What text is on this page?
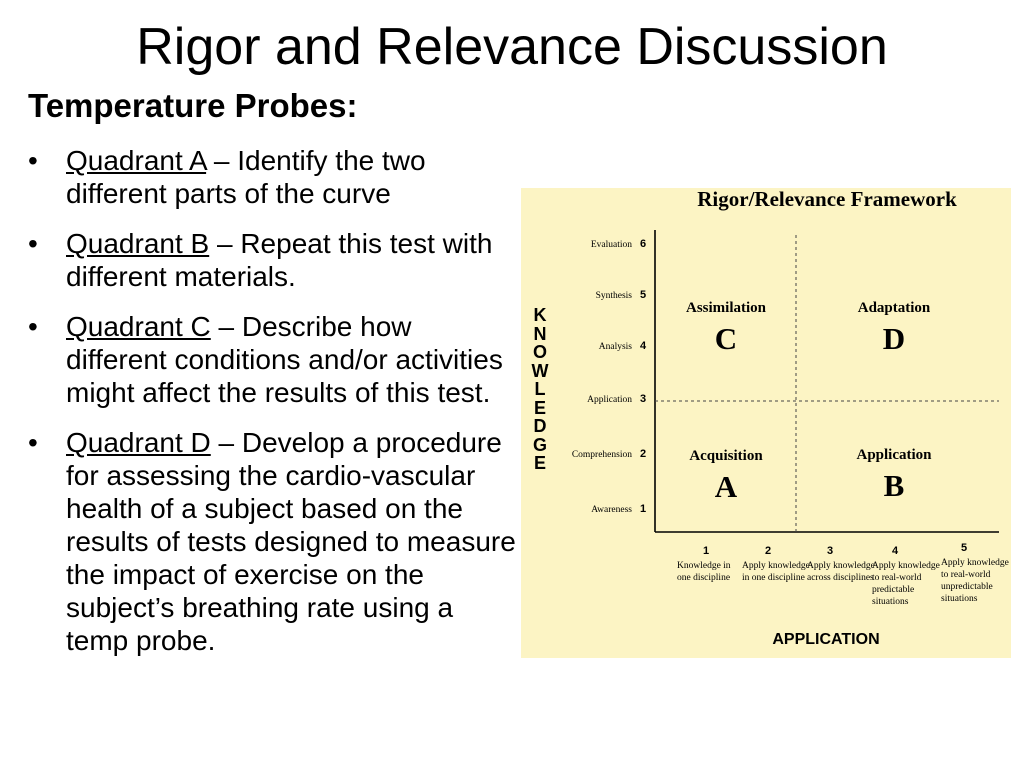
Rigor and Relevance Discussion
Temperature Probes:
• Quadrant A – Identify the two different parts of the curve
• Quadrant B – Repeat this test with different materials.
• Quadrant C – Describe how different conditions and/or activities might affect the results of this test.
• Quadrant D – Develop a procedure for assessing the cardio-vascular health of a subject based on the results of tests designed to measure the impact of exercise on the subject’s breathing rate using a temp probe.
Rigor/Relevance Framework
K
N
O
W
L
E
D
G
E
Evaluation 6
Synthesis 5
Analysis 4
Application 3
Comprehension 2
Awareness 1
Assimilation
C
Adaptation
D
Acquisition
A
Application
B
1
Knowledge in one discipline
2
Apply knowledge in one discipline
3
Apply knowledge across disciplines
4
Apply knowledge to real-world predictable situations
5
Apply knowledge to real-world unpredictable situations
APPLICATION
